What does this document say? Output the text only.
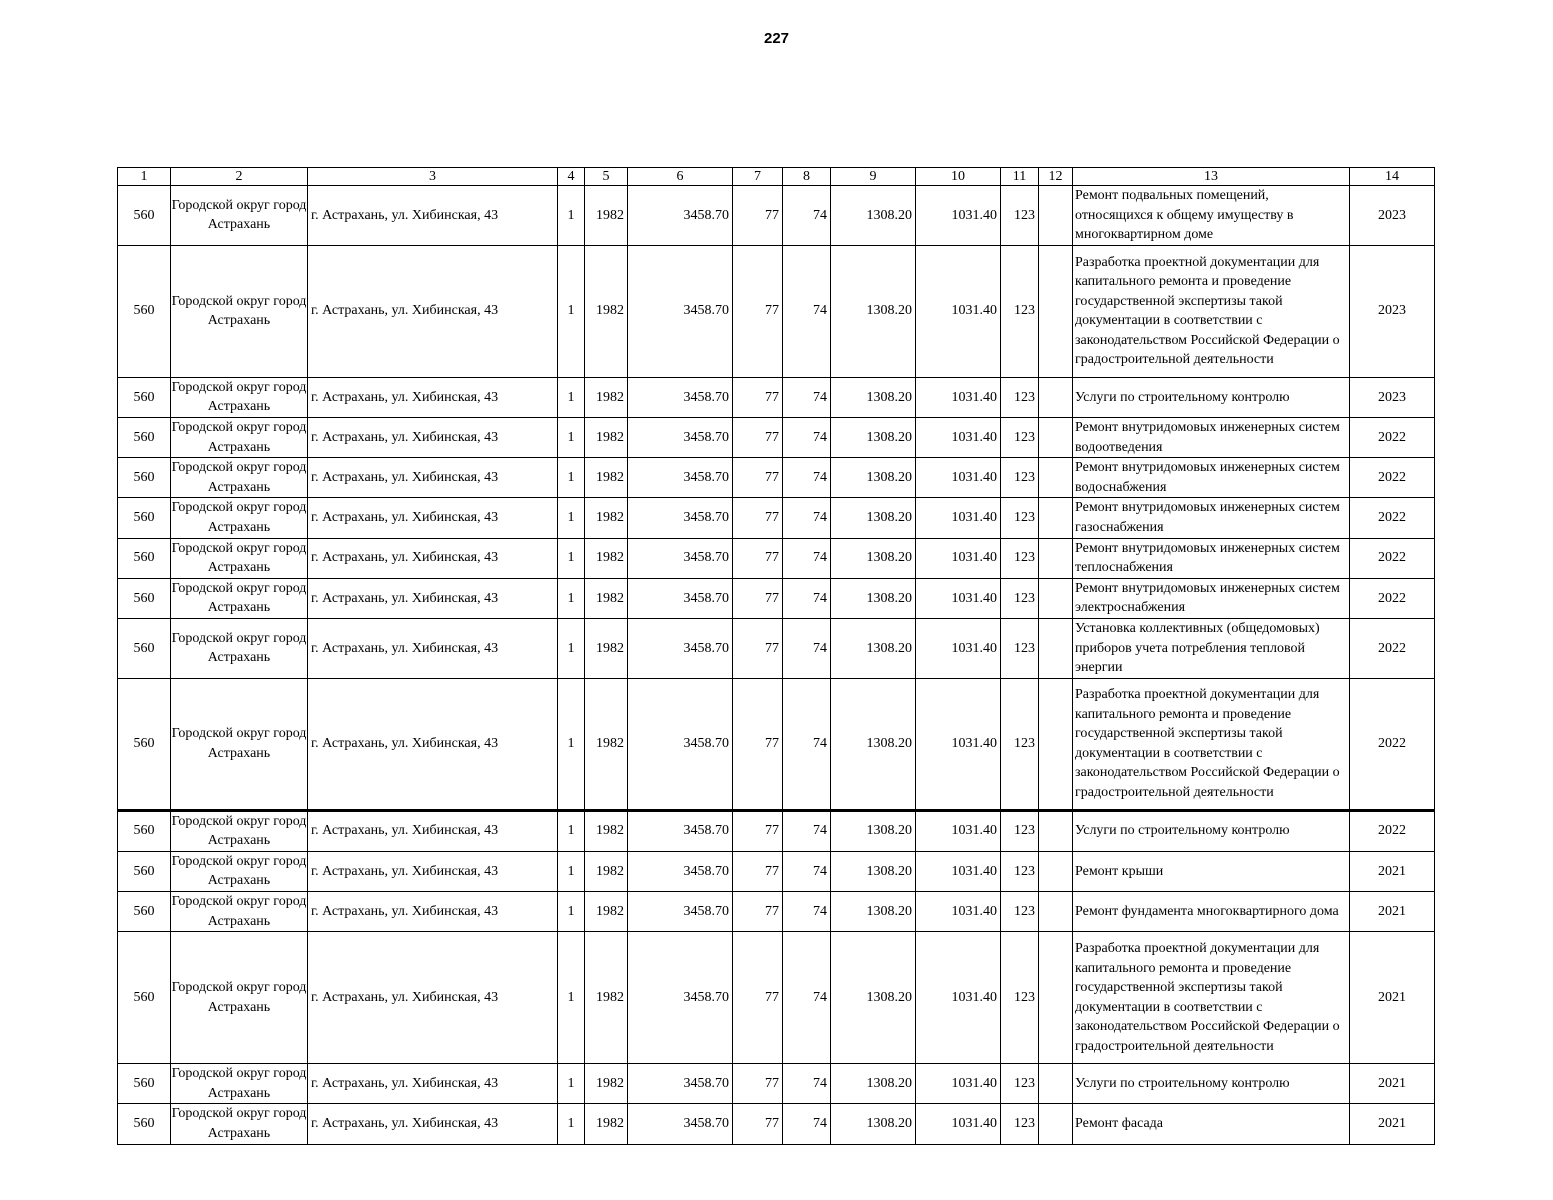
227
1	2	3	4	5	6	7	8	9	10	11	12	13	14

560	Городской округ город Астрахань	г. Астрахань, ул. Хибинская, 43	1	1982	3458.70	77	74	1308.20	1031.40	123		Ремонт подвальных помещений, относящихся к общему имуществу в многоквартирном доме	2023

560	Городской округ город Астрахань	г. Астрахань, ул. Хибинская, 43	1	1982	3458.70	77	74	1308.20	1031.40	123		Разработка проектной документации для капитального ремонта и проведение государственной экспертизы такой документации в соответствии с законодательством Российской Федерации о градостроительной деятельности	2023

560	Городской округ город Астрахань	г. Астрахань, ул. Хибинская, 43	1	1982	3458.70	77	74	1308.20	1031.40	123		Услуги по строительному контролю	2023

560	Городской округ город Астрахань	г. Астрахань, ул. Хибинская, 43	1	1982	3458.70	77	74	1308.20	1031.40	123		Ремонт внутридомовых инженерных систем водоотведения	2022

560	Городской округ город Астрахань	г. Астрахань, ул. Хибинская, 43	1	1982	3458.70	77	74	1308.20	1031.40	123		Ремонт внутридомовых инженерных систем водоснабжения	2022

560	Городской округ город Астрахань	г. Астрахань, ул. Хибинская, 43	1	1982	3458.70	77	74	1308.20	1031.40	123		Ремонт внутридомовых инженерных систем газоснабжения	2022

560	Городской округ город Астрахань	г. Астрахань, ул. Хибинская, 43	1	1982	3458.70	77	74	1308.20	1031.40	123		Ремонт внутридомовых инженерных систем теплоснабжения	2022

560	Городской округ город Астрахань	г. Астрахань, ул. Хибинская, 43	1	1982	3458.70	77	74	1308.20	1031.40	123		Ремонт внутридомовых инженерных систем электроснабжения	2022

560	Городской округ город Астрахань	г. Астрахань, ул. Хибинская, 43	1	1982	3458.70	77	74	1308.20	1031.40	123		Установка коллективных (общедомовых) приборов учета потребления тепловой энергии	2022

560	Городской округ город Астрахань	г. Астрахань, ул. Хибинская, 43	1	1982	3458.70	77	74	1308.20	1031.40	123		Разработка проектной документации для капитального ремонта и проведение государственной экспертизы такой документации в соответствии с законодательством Российской Федерации о градостроительной деятельности	2022

560	Городской округ город Астрахань	г. Астрахань, ул. Хибинская, 43	1	1982	3458.70	77	74	1308.20	1031.40	123		Услуги по строительному контролю	2022

560	Городской округ город Астрахань	г. Астрахань, ул. Хибинская, 43	1	1982	3458.70	77	74	1308.20	1031.40	123		Ремонт крыши	2021

560	Городской округ город Астрахань	г. Астрахань, ул. Хибинская, 43	1	1982	3458.70	77	74	1308.20	1031.40	123		Ремонт фундамента многоквартирного дома	2021

560	Городской округ город Астрахань	г. Астрахань, ул. Хибинская, 43	1	1982	3458.70	77	74	1308.20	1031.40	123		Разработка проектной документации для капитального ремонта и проведение государственной экспертизы такой документации в соответствии с законодательством Российской Федерации о градостроительной деятельности	2021

560	Городской округ город Астрахань	г. Астрахань, ул. Хибинская, 43	1	1982	3458.70	77	74	1308.20	1031.40	123		Услуги по строительному контролю	2021

560	Городской округ город Астрахань	г. Астрахань, ул. Хибинская, 43	1	1982	3458.70	77	74	1308.20	1031.40	123		Ремонт фасада	2021
